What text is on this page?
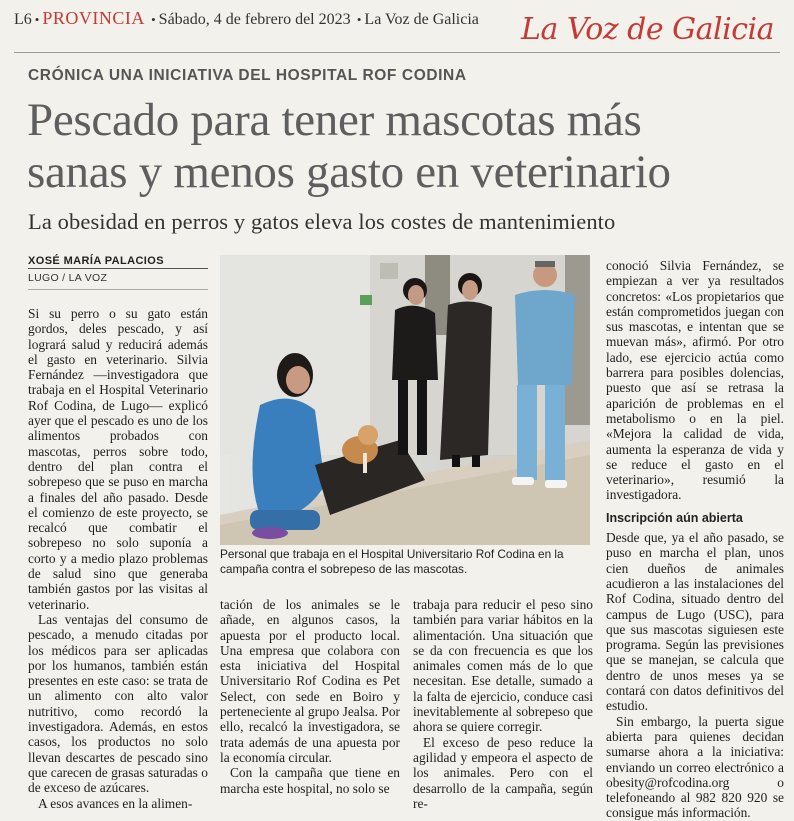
L6 • PROVINCIA • Sábado, 4 de febrero del 2023 • La Voz de Galicia La Voz de Galicia
CRÓNICA UNA INICIATIVA DEL HOSPITAL ROF CODINA
Pescado para tener mascotas más
sanas y menos gasto en veterinario
La obesidad en perros y gatos eleva los costes de mantenimiento
XOSÉ MARÍA PALACIOS
LUGO / LA VOZ
Personal que trabaja en el Hospital Universitario Rof Codina en la campaña contra el sobrepeso de las mascotas.

Si su perro o su gato están gordos, deles pescado, y así logrará salud y reducirá además el gasto en veterinario. Silvia Fernández —investigadora que trabaja en el Hospital Veterinario Rof Codina, de Lugo— explicó ayer que el pescado es uno de los alimentos probados con mascotas, perros sobre todo, dentro del plan contra el sobrepeso que se puso en marcha a finales del año pasado. Desde el comienzo de este proyecto, se recalcó que combatir el sobrepeso no solo suponía a corto y a medio plazo problemas de salud sino que generaba también gastos por las visitas al veterinario.

Las ventajas del consumo de pescado, a menudo citadas por los médicos para ser aplicadas por los humanos, también están presentes en este caso: se trata de un alimento con alto valor nutritivo, como recordó la investigadora. Además, en estos casos, los productos no solo llevan descartes de pescado sino que carecen de grasas saturadas o de exceso de azúcares.

A esos avances en la alimen-

tación de los animales se le añade, en algunos casos, la apuesta por el producto local. Una empresa que colabora con esta iniciativa del Hospital Universitario Rof Codina es Pet Select, con sede en Boiro y perteneciente al grupo Jealsa. Por ello, recalcó la investigadora, se trata además de una apuesta por la economía circular.

Con la campaña que tiene en marcha este hospital, no solo se

trabaja para reducir el peso sino también para variar hábitos en la alimentación. Una situación que se da con frecuencia es que los animales comen más de lo que necesitan. Ese detalle, sumado a la falta de ejercicio, conduce casi inevitablemente al sobrepeso que ahora se quiere corregir.

El exceso de peso reduce la agilidad y empeora el aspecto de los animales. Pero con el desarrollo de la campaña, según re-

conoció Silvia Fernández, se empiezan a ver ya resultados concretos: «Los propietarios que están comprometidos juegan con sus mascotas, e intentan que se muevan más», afirmó. Por otro lado, ese ejercicio actúa como barrera para posibles dolencias, puesto que así se retrasa la aparición de problemas en el metabolismo o en la piel. «Mejora la calidad de vida, aumenta la esperanza de vida y se reduce el gasto en el veterinario», resumió la investigadora.

Inscripción aún abierta

Desde que, ya el año pasado, se puso en marcha el plan, unos cien dueños de animales acudieron a las instalaciones del Rof Codina, situado dentro del campus de Lugo (USC), para que sus mascotas siguiesen este programa. Según las previsiones que se manejan, se calcula que dentro de unos meses ya se contará con datos definitivos del estudio.

Sin embargo, la puerta sigue abierta para quienes decidan sumarse ahora a la iniciativa: enviando un correo electrónico a obesity@rofcodina.org o telefoneando al 982 820 920 se consigue más información.
